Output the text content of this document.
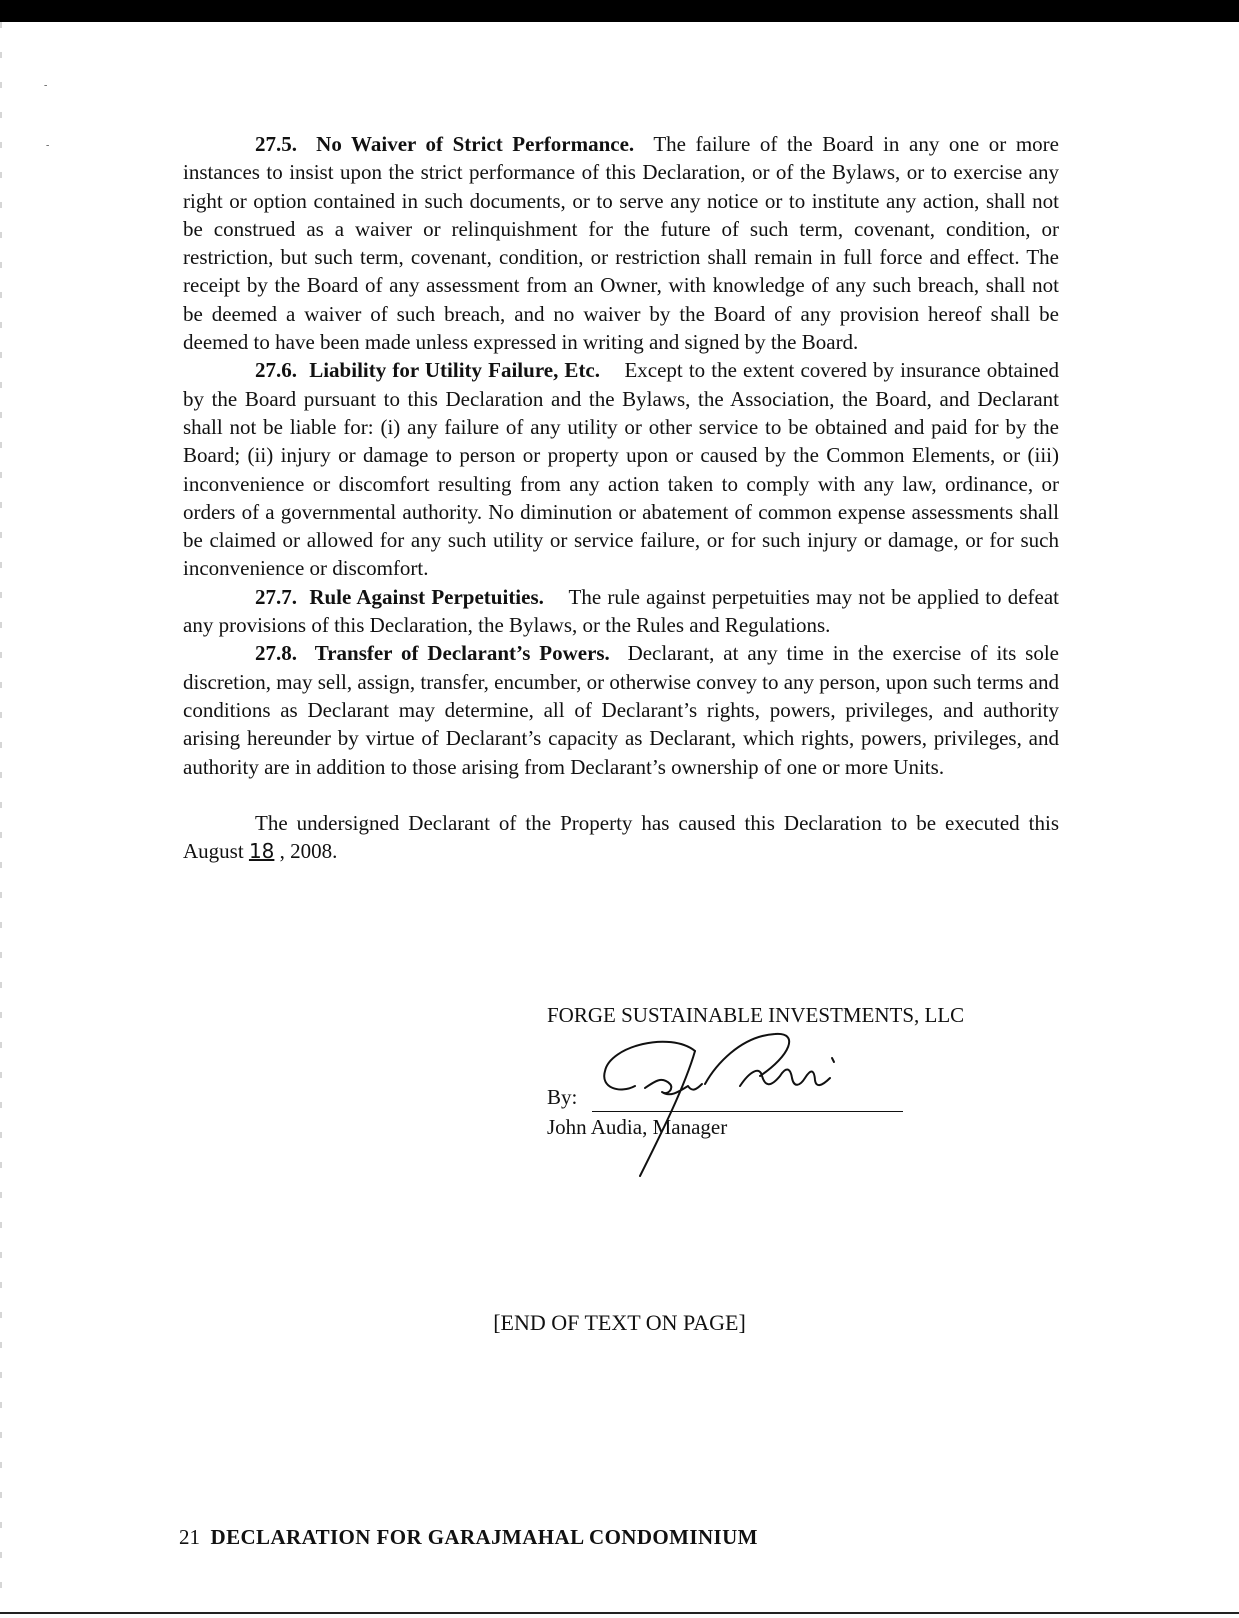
-
-	27.5. No Waiver of Strict Performance. The failure of the Board in any one or more instances to insist upon the strict performance of this Declaration, or of the Bylaws, or to exercise any right or option contained in such documents, or to serve any notice or to institute any action, shall not be construed as a waiver or relinquishment for the future of such term, covenant, condition, or restriction, but such term, covenant, condition, or restriction shall remain in full force and effect. The receipt by the Board of any assessment from an Owner, with knowledge of any such breach, shall not be deemed a waiver of such breach, and no waiver by the Board of any provision hereof shall be deemed to have been made unless expressed in writing and signed by the Board.

27.6. Liability for Utility Failure, Etc. Except to the extent covered by insurance obtained by the Board pursuant to this Declaration and the Bylaws, the Association, the Board, and Declarant shall not be liable for: (i) any failure of any utility or other service to be obtained and paid for by the Board; (ii) injury or damage to person or property upon or caused by the Common Elements, or (iii) inconvenience or discomfort resulting from any action taken to comply with any law, ordinance, or orders of a governmental authority. No diminution or abatement of common expense assessments shall be claimed or allowed for any such utility or service failure, or for such injury or damage, or for such inconvenience or discomfort.

27.7. Rule Against Perpetuities. The rule against perpetuities may not be applied to defeat any provisions of this Declaration, the Bylaws, or the Rules and Regulations.

27.8. Transfer of Declarant’s Powers. Declarant, at any time in the exercise of its sole discretion, may sell, assign, transfer, encumber, or otherwise convey to any person, upon such terms and conditions as Declarant may determine, all of Declarant’s rights, powers, privileges, and authority arising hereunder by virtue of Declarant’s capacity as Declarant, which rights, powers, privileges, and authority are in addition to those arising from Declarant’s ownership of one or more Units.

The undersigned Declarant of the Property has caused this Declaration to be executed this August 18 , 2008.

FORGE SUSTAINABLE INVESTMENTS, LLC
By:
John Audia, Manager
[END OF TEXT ON PAGE]
21 DECLARATION FOR GARAJMAHAL CONDOMINIUM
